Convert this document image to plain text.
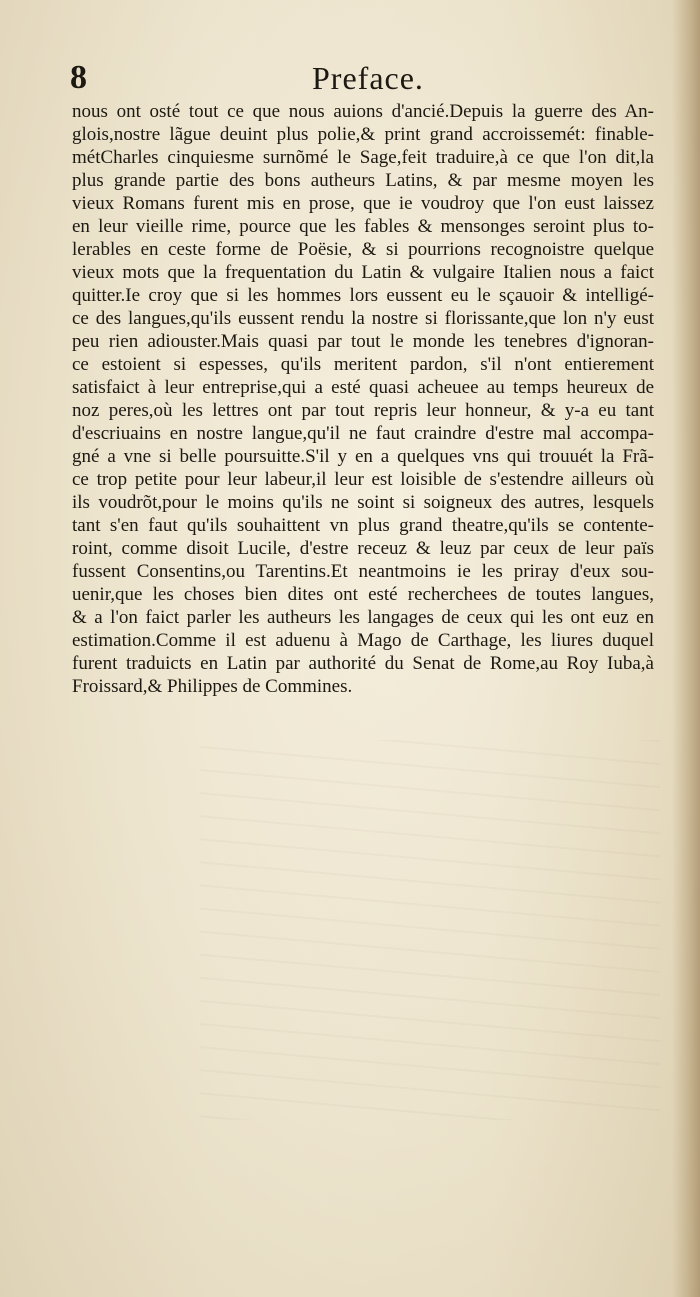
8	Preface.
nous ont osté tout ce que nous auions d'ancié.Depuis la guerre des An-
glois,nostre lãgue deuint plus polie,& print grand accroissemét: finable-
métCharles cinquiesme surnõmé le Sage,feit traduire,à ce que l'on dit,la
plus grande partie des bons autheurs Latins, & par mesme moyen les
vieux Romans furent mis en prose, que ie voudroy que l'on eust laissez
en leur vieille rime, pource que les fables & mensonges seroint plus to-
lerables en ceste forme de Poësie, & si pourrions recognoistre quelque
vieux mots que la frequentation du Latin & vulgaire Italien nous a faict
quitter.Ie croy que si les hommes lors eussent eu le sçauoir & intelligé-
ce des langues,qu'ils eussent rendu la nostre si florissante,que lon n'y eust
peu rien adiouster.Mais quasi par tout le monde les tenebres d'ignoran-
ce estoient si espesses, qu'ils meritent pardon, s'il n'ont entierement
satisfaict à leur entreprise,qui a esté quasi acheuee au temps heureux de
noz peres,où les lettres ont par tout repris leur honneur, & y-a eu tant
d'escriuains en nostre langue,qu'il ne faut craindre d'estre mal accompa-
gné a vne si belle poursuitte.S'il y en a quelques vns qui trouuét la Frã-
ce trop petite pour leur labeur,il leur est loisible de s'estendre ailleurs où
ils voudrõt,pour le moins qu'ils ne soint si soigneux des autres, lesquels
tant s'en faut qu'ils souhaittent vn plus grand theatre,qu'ils se contente-
roint, comme disoit Lucile, d'estre receuz & leuz par ceux de leur païs
fussent Consentins,ou Tarentins.Et neantmoins ie les priray d'eux sou-
uenir,que les choses bien dites ont esté recherchees de toutes langues,
& a l'on faict parler les autheurs les langages de ceux qui les ont euz en
estimation.Comme il est aduenu à Mago de Carthage, les liures duquel
furent traduicts en Latin par authorité du Senat de Rome,au Roy Iuba,à
Froissard,& Philippes de Commines.
